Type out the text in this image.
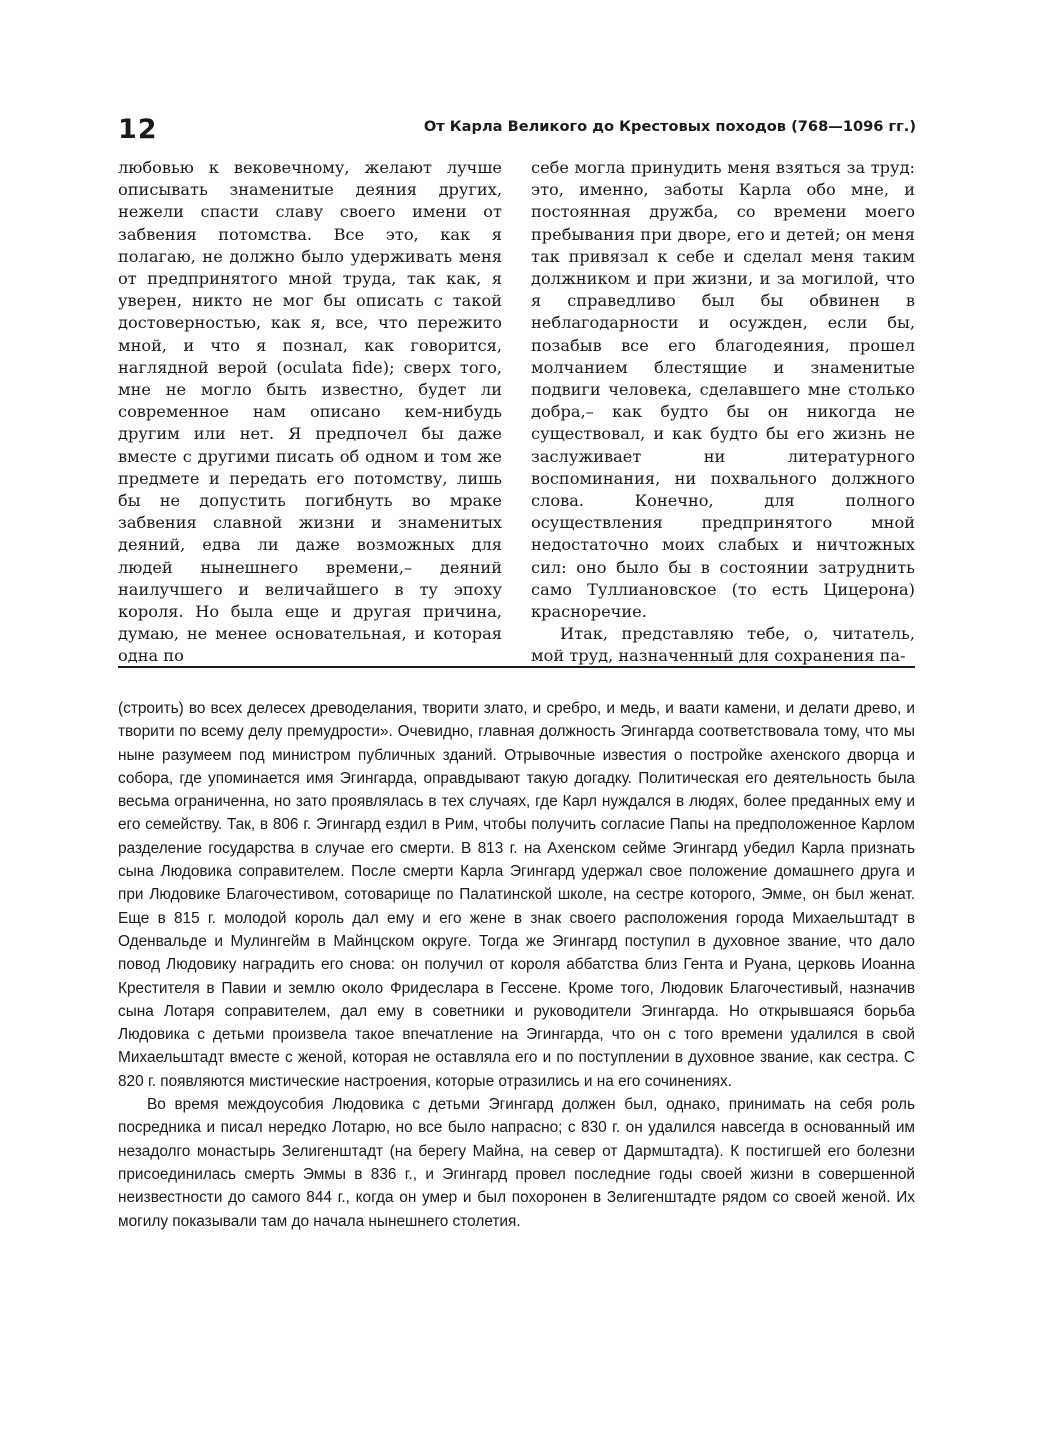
12	От Карла Великого до Крестовых походов (768—1096 гг.)

любовью к вековечному, желают лучше описывать знаменитые деяния других, нежели спасти славу своего имени от забвения потомства. Все это, как я полагаю, не должно было удерживать меня от предпринятого мной труда, так как, я уверен, никто не мог бы описать с такой достоверностью, как я, все, что пережито мной, и что я познал, как говорится, наглядной верой (oculata fide); сверх того, мне не могло быть известно, будет ли современное нам описано кем-нибудь другим или нет. Я предпочел бы даже вместе с другими писать об одном и том же предмете и передать его потомству, лишь бы не допустить погибнуть во мраке забвения славной жизни и знаменитых деяний, едва ли даже возможных для людей нынешнего времени,– деяний наилучшего и величайшего в ту эпоху короля. Но была еще и другая причина, думаю, не менее основательная, и которая одна по

себе могла принудить меня взяться за труд: это, именно, заботы Карла обо мне, и постоянная дружба, со времени моего пребывания при дворе, его и детей; он меня так привязал к себе и сделал меня таким должником и при жизни, и за могилой, что я справедливо был бы обвинен в неблагодарности и осужден, если бы, позабыв все его благодеяния, прошел молчанием блестящие и знаменитые подвиги человека, сделавшего мне столько добра,– как будто бы он никогда не существовал, и как будто бы его жизнь не заслуживает ни литературного воспоминания, ни похвального должного слова. Конечно, для полного осуществления предпринятого мной недостаточно моих слабых и ничтожных сил: оно было бы в состоянии затруднить само Туллиановское (то есть Цицерона) красноречие.

Итак, представляю тебе, о, читатель, мой труд, назначенный для сохранения па-

(строить) во всех делесех древоделания, творити злато, и сребро, и медь, и ваати камени, и делати древо, и творити по всему делу премудрости». Очевидно, главная должность Эгингарда соответствовала тому, что мы ныне разумеем под министром публичных зданий. Отрывочные известия о постройке ахенского дворца и собора, где упоминается имя Эгингарда, оправдывают такую догадку. Политическая его деятельность была весьма ограниченна, но зато проявлялась в тех случаях, где Карл нуждался в людях, более преданных ему и его семейству. Так, в 806 г. Эгингард ездил в Рим, чтобы получить согласие Папы на предположенное Карлом разделение государства в случае его смерти. В 813 г. на Ахенском сейме Эгингард убедил Карла признать сына Людовика соправителем. После смерти Карла Эгингард удержал свое положение домашнего друга и при Людовике Благочестивом, сотоварище по Палатинской школе, на сестре которого, Эмме, он был женат. Еще в 815 г. молодой король дал ему и его жене в знак своего расположения города Михаельштадт в Оденвальде и Мулингейм в Майнцском округе. Тогда же Эгингард поступил в духовное звание, что дало повод Людовику наградить его снова: он получил от короля аббатства близ Гента и Руана, церковь Иоанна Крестителя в Павии и землю около Фридеслара в Гессене. Кроме того, Людовик Благочестивый, назначив сына Лотаря соправителем, дал ему в советники и руководители Эгингарда. Но открывшаяся борьба Людовика с детьми произвела такое впечатление на Эгингарда, что он с того времени удалился в свой Михаельштадт вместе с женой, которая не оставляла его и по поступлении в духовное звание, как сестра. С 820 г. появляются мистические настроения, которые отразились и на его сочинениях.

Во время междоусобия Людовика с детьми Эгингард должен был, однако, принимать на себя роль посредника и писал нередко Лотарю, но все было напрасно; с 830 г. он удалился навсегда в основанный им незадолго монастырь Зелигенштадт (на берегу Майна, на север от Дармштадта). К постигшей его болезни присоединилась смерть Эммы в 836 г., и Эгингард провел последние годы своей жизни в совершенной неизвестности до самого 844 г., когда он умер и был похоронен в Зелигенштадте рядом со своей женой. Их могилу показывали там до начала нынешнего столетия.
